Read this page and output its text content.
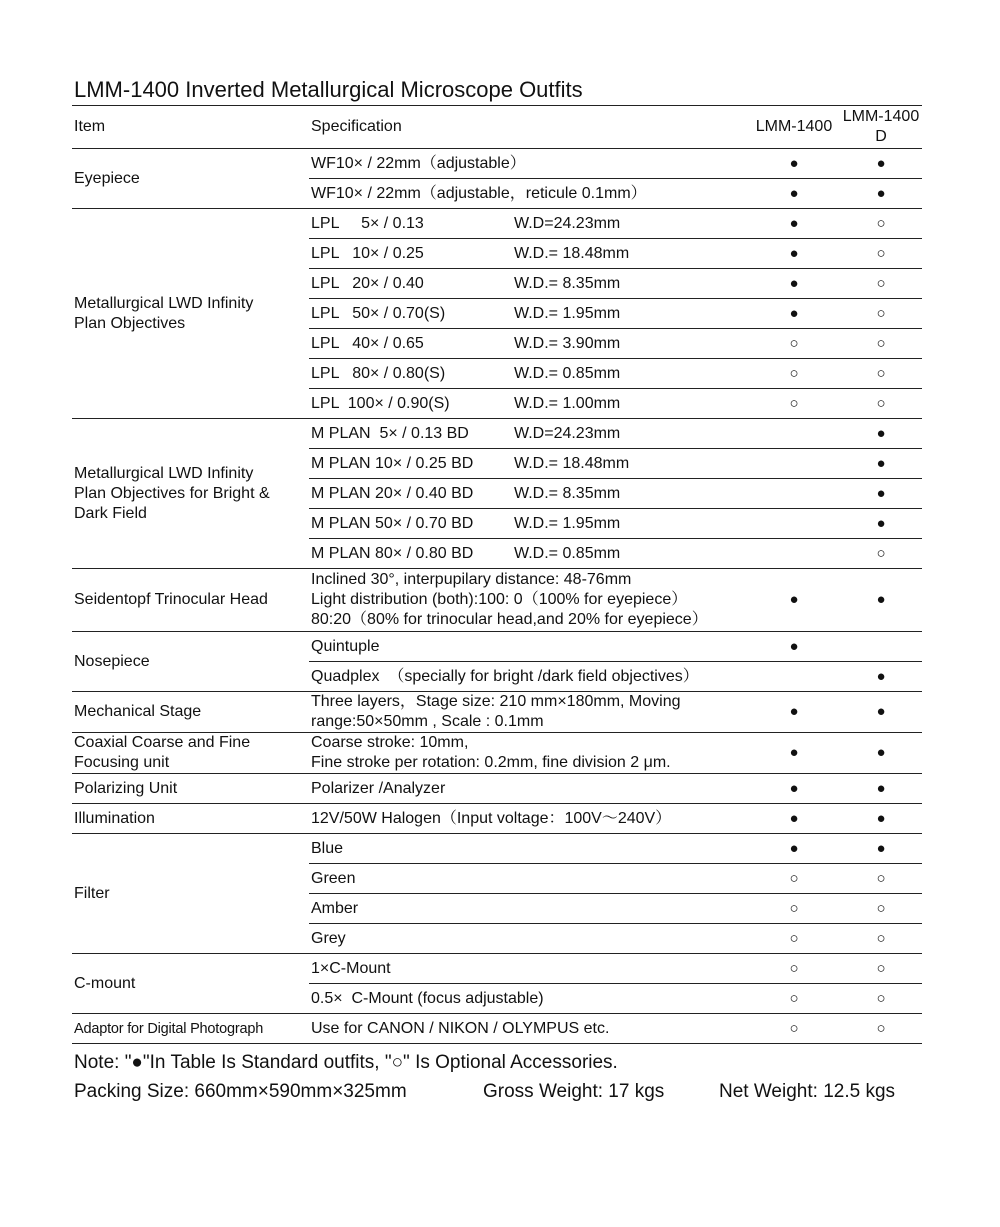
LMM-1400 Inverted Metallurgical Microscope Outfits
Item	Specification	LMM-1400	LMM-1400
D
Eyepiece	WF10× / 22mm（adjustable）	●	●
	WF10× / 22mm（adjustable，reticule 0.1mm）	●	●
Metallurgical LWD Infinity
Plan Objectives	LPL     5× / 0.13 W.D=24.23mm	●	○
	LPL   10× / 0.25 W.D.= 18.48mm	●	○
	LPL   20× / 0.40 W.D.= 8.35mm	●	○
	LPL   50× / 0.70(S) W.D.= 1.95mm	●	○
	LPL   40× / 0.65 W.D.= 3.90mm	○	○
	LPL   80× / 0.80(S) W.D.= 0.85mm	○	○
	LPL  100× / 0.90(S) W.D.= 1.00mm	○	○
Metallurgical LWD Infinity
Plan Objectives for Bright &
Dark Field	M PLAN  5× / 0.13 BD W.D=24.23mm		●
	M PLAN 10× / 0.25 BD W.D.= 18.48mm		●
	M PLAN 20× / 0.40 BD W.D.= 8.35mm		●
	M PLAN 50× / 0.70 BD W.D.= 1.95mm		●
	M PLAN 80× / 0.80 BD W.D.= 0.85mm		○
Seidentopf Trinocular Head	Inclined 30°, interpupilary distance: 48-76mm
Light distribution (both):100: 0（100% for eyepiece）
80:20（80% for trinocular head,and 20% for eyepiece）	●	●
Nosepiece	Quintuple	●	
	Quadplex  （specially for bright /dark field objectives）		●
Mechanical Stage	Three layers，Stage size: 210 mm×180mm, Moving
range:50×50mm , Scale : 0.1mm	●	●
Coaxial Coarse and Fine
Focusing unit	Coarse stroke: 10mm,
Fine stroke per rotation: 0.2mm, fine division 2 μm.	●	●
Polarizing Unit	Polarizer /Analyzer	●	●
Illumination	12V/50W Halogen（Input voltage：100V～240V）	●	●
Filter	Blue	●	●
	Green	○	○
	Amber	○	○
	Grey	○	○
C-mount	1×C-Mount	○	○
	0.5×  C-Mount (focus adjustable)	○	○
Adaptor for Digital Photograph	Use for CANON / NIKON / OLYMPUS etc.	○	○
Note: "●"In Table Is Standard outfits, "○" Is Optional Accessories.
Packing Size: 660mm×590mm×325mm	Gross Weight: 17 kgs	Net Weight: 12.5 kgs
